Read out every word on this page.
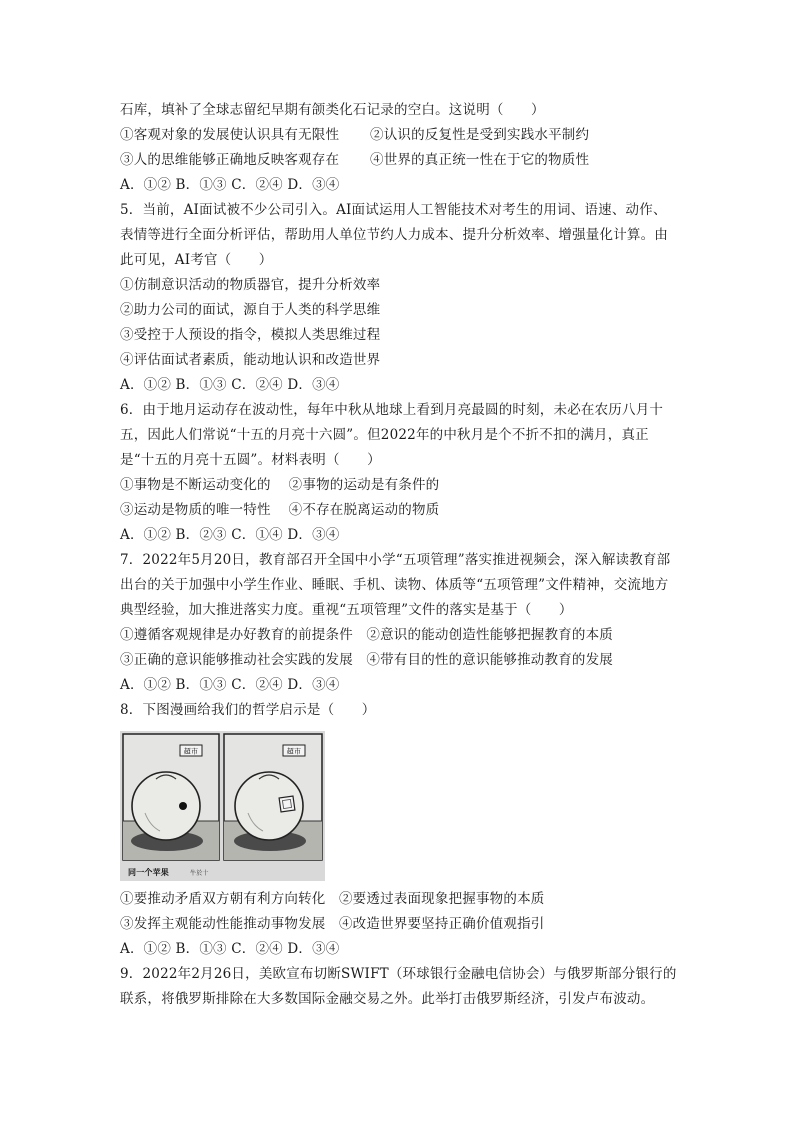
石库，填补了全球志留纪早期有颌类化石记录的空白。这说明（　　）
①客观对象的发展使认识具有无限性	②认识的反复性是受到实践水平制约
③人的思维能够正确地反映客观存在	④世界的真正统一性在于它的物质性
A．①② B．①③ C．②④ D．③④
5．当前，AI面试被不少公司引入。AI面试运用人工智能技术对考生的用词、语速、动作、表情等进行全面分析评估，帮助用人单位节约人力成本、提升分析效率、增强量化计算。由此可见，AI考官（　　）
①仿制意识活动的物质器官，提升分析效率
②助力公司的面试，源自于人类的科学思维
③受控于人预设的指令，模拟人类思维过程
④评估面试者素质，能动地认识和改造世界
A．①② B．①③ C．②④ D．③④
6．由于地月运动存在波动性，每年中秋从地球上看到月亮最圆的时刻，未必在农历八月十五，因此人们常说“十五的月亮十六圆”。但2022年的中秋月是个不折不扣的满月，真正是“十五的月亮十五圆”。材料表明（　　）
①事物是不断运动变化的 ②事物的运动是有条件的
③运动是物质的唯一特性 ④不存在脱离运动的物质
A．①② B．②③ C．①④ D．③④
7．2022年5月20日，教育部召开全国中小学“五项管理”落实推进视频会，深入解读教育部出台的关于加强中小学生作业、睡眠、手机、读物、体质等“五项管理”文件精神，交流地方典型经验，加大推进落实力度。重视“五项管理”文件的落实是基于（　　）
①遵循客观规律是办好教育的前提条件 ②意识的能动创造性能够把握教育的本质
③正确的意识能够推动社会实践的发展 ④带有目的性的意识能够推动教育的发展
A．①② B．①③ C．②④ D．③④
8．下图漫画给我们的哲学启示是（　　）
超市	超市
同一个苹果	牛於十
①要推动矛盾双方朝有利方向转化 ②要透过表面现象把握事物的本质
③发挥主观能动性能推动事物发展 ④改造世界要坚持正确价值观指引
A．①② B．①③ C．②④ D．③④
9．2022年2月26日，美欧宣布切断SWIFT（环球银行金融电信协会）与俄罗斯部分银行的联系，将俄罗斯排除在大多数国际金融交易之外。此举打击俄罗斯经济，引发卢布波动。
